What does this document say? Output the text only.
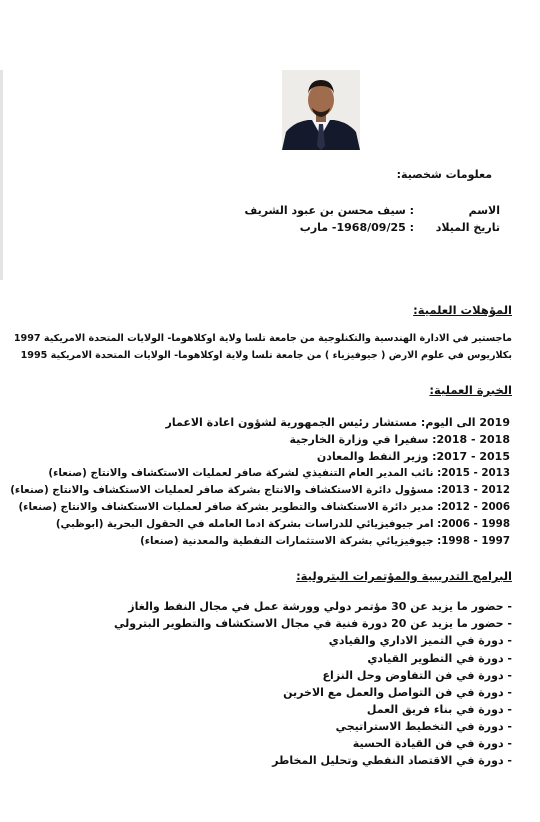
معلومات شخصية:
الاسم
: سيف محسن بن عبود الشريف
تاريخ الميلاد
: 1968/09/25- مارب
المؤهلات العلمية:
ماجستير في الادارة الهندسية والتكنلوجية من جامعة تلسا ولاية اوكلاهوما- الولايات المتحدة الامريكية 1997
بكلاريوس في علوم الارض ( جيوفيزياء ) من جامعة تلسا ولاية اوكلاهوما- الولايات المتحدة الامريكية 1995
الخبرة العملية:
2019 الى اليوم: مستشار رئيس الجمهورية لشؤون اعادة الاعمار
2018 - 2018: سفيرا في وزارة الخارجية
2015 - 2017: وزير النفط والمعادن
2013 - 2015: نائب المدير العام التنفيذي لشركة صافر لعمليات الاستكشاف والانتاج (صنعاء)
2012 - 2013: مسؤول دائرة الاستكشاف والانتاج بشركة صافر لعمليات الاستكشاف والانتاج (صنعاء)
2006 - 2012: مدير دائرة الاستكشاف والتطوير بشركة صافر لعمليات الاستكشاف والانتاج (صنعاء)
1998 - 2006: امر جيوفيزيائي للدراسات بشركة ادما العامله في الحقول البحرية (ابوظبي)
1997 - 1998: جيوفيزيائي بشركة الاستثمارات النفطية والمعدنية (صنعاء)
البرامج التدريبية والمؤتمرات البترولية:
- حضور ما يزيد عن 30 مؤتمر دولي وورشة عمل في مجال النفط والغاز
- حضور ما يزيد عن 20 دورة فنية في مجال الاستكشاف والتطوير البترولي
- دورة في التميز الاداري والقيادي
- دورة في التطوير القيادي
- دورة في فن التفاوض وحل النزاع
- دورة في فن التواصل والعمل مع الاخرين
- دورة في بناء فريق العمل
- دورة في التخطيط الاستراتيجي
- دورة في فن القيادة الحسية
- دورة في الاقتصاد النفطي وتحليل المخاطر
